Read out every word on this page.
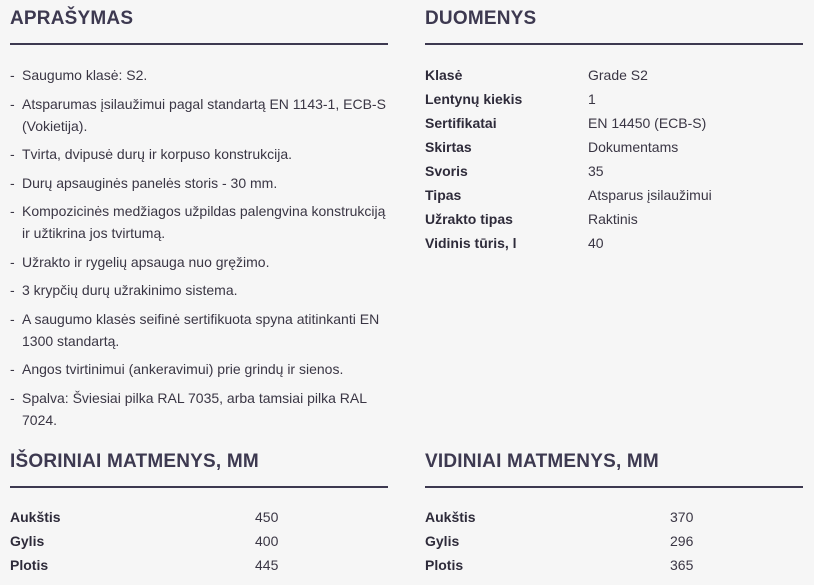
APRAŠYMAS
- Saugumo klasė: S2.
- Atsparumas įsilaužimui pagal standartą EN 1143-1, ECB-S (Vokietija).
- Tvirta, dvipusė durų ir korpuso konstrukcija.
- Durų apsauginės panelės storis - 30 mm.
- Kompozicinės medžiagos užpildas palengvina konstrukciją ir užtikrina jos tvirtumą.
- Užrakto ir rygelių apsauga nuo gręžimo.
- 3 krypčių durų užrakinimo sistema.
- A saugumo klasės seifinė sertifikuota spyna atitinkanti EN 1300 standartą.
- Angos tvirtinimui (ankeravimui) prie grindų ir sienos.
- Spalva: Šviesiai pilka RAL 7035, arba tamsiai pilka RAL 7024.
DUOMENYS
Klasė	Grade S2
Lentynų kiekis	1
Sertifikatai	EN 14450 (ECB-S)
Skirtas	Dokumentams
Svoris	35
Tipas	Atsparus įsilaužimui
Užrakto tipas	Raktinis
Vidinis tūris, l	40
IŠORINIAI MATMENYS, MM
Aukštis	450
Gylis	400
Plotis	445
VIDINIAI MATMENYS, MM
Aukštis	370
Gylis	296
Plotis	365
